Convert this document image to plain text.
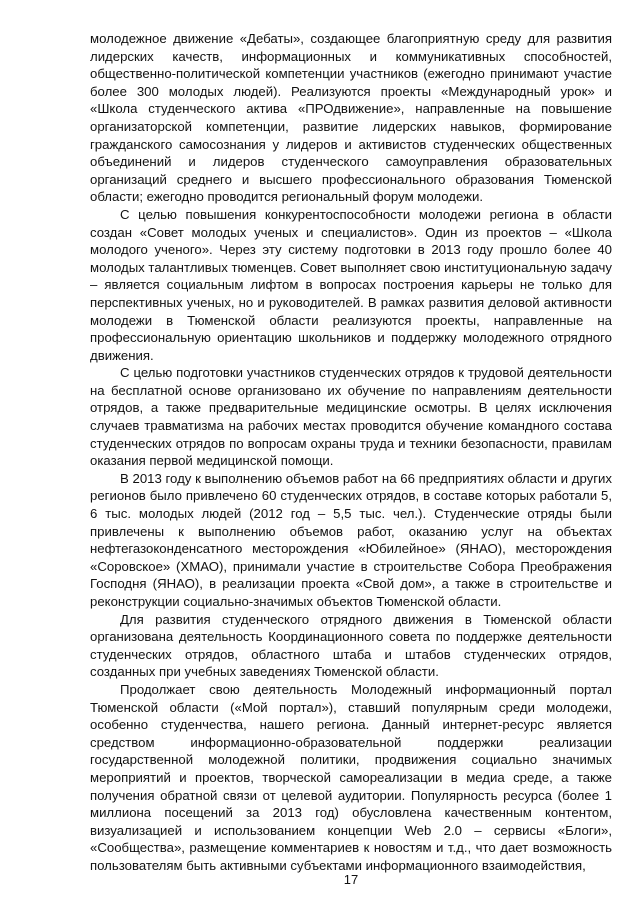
молодежное движение «Дебаты», создающее благоприятную среду для развития лидерских качеств, информационных и коммуникативных способностей, общественно-политической компетенции участников (ежегодно принимают участие более 300 молодых людей). Реализуются проекты «Международный урок» и «Школа студенческого актива «ПРОдвижение», направленные на повышение организаторской компетенции, развитие лидерских навыков, формирование гражданского самосознания у лидеров и активистов студенческих общественных объединений и лидеров студенческого самоуправления образовательных организаций среднего и высшего профессионального образования Тюменской области; ежегодно проводится региональный форум молодежи.

С целью повышения конкурентоспособности молодежи региона в области создан «Совет молодых ученых и специалистов». Один из проектов – «Школа молодого ученого». Через эту систему подготовки в 2013 году прошло более 40 молодых талантливых тюменцев. Совет выполняет свою институциональную задачу – является социальным лифтом в вопросах построения карьеры не только для перспективных ученых, но и руководителей. В рамках развития деловой активности молодежи в Тюменской области реализуются проекты, направленные на профессиональную ориентацию школьников и поддержку молодежного отрядного движения.

С целью подготовки участников студенческих отрядов к трудовой деятельности на бесплатной основе организовано их обучение по направлениям деятельности отрядов, а также предварительные медицинские осмотры. В целях исключения случаев травматизма на рабочих местах проводится обучение командного состава студенческих отрядов по вопросам охраны труда и техники безопасности, правилам оказания первой медицинской помощи.

В 2013 году к выполнению объемов работ на 66 предприятиях области и других регионов было привлечено 60 студенческих отрядов, в составе которых работали 5, 6 тыс. молодых людей (2012 год – 5,5 тыс. чел.). Студенческие отряды были привлечены к выполнению объемов работ, оказанию услуг на объектах нефтегазоконденсатного месторождения «Юбилейное» (ЯНАО), месторождения «Соровское» (ХМАО), принимали участие в строительстве Собора Преображения Господня (ЯНАО), в реализации проекта «Свой дом», а также в строительстве и реконструкции социально-значимых объектов Тюменской области.

Для развития студенческого отрядного движения в Тюменской области организована деятельность Координационного совета по поддержке деятельности студенческих отрядов, областного штаба и штабов студенческих отрядов, созданных при учебных заведениях Тюменской области.

Продолжает свою деятельность Молодежный информационный портал Тюменской области («Мой портал»), ставший популярным среди молодежи, особенно студенчества, нашего региона. Данный интернет-ресурс является средством информационно-образовательной поддержки реализации государственной молодежной политики, продвижения социально значимых мероприятий и проектов, творческой самореализации в медиа среде, а также получения обратной связи от целевой аудитории. Популярность ресурса (более 1 миллиона посещений за 2013 год) обусловлена качественным контентом, визуализацией и использованием концепции Web 2.0 – сервисы «Блоги», «Сообщества», размещение комментариев к новостям и т.д., что дает возможность пользователям быть активными субъектами информационного взаимодействия,

17
